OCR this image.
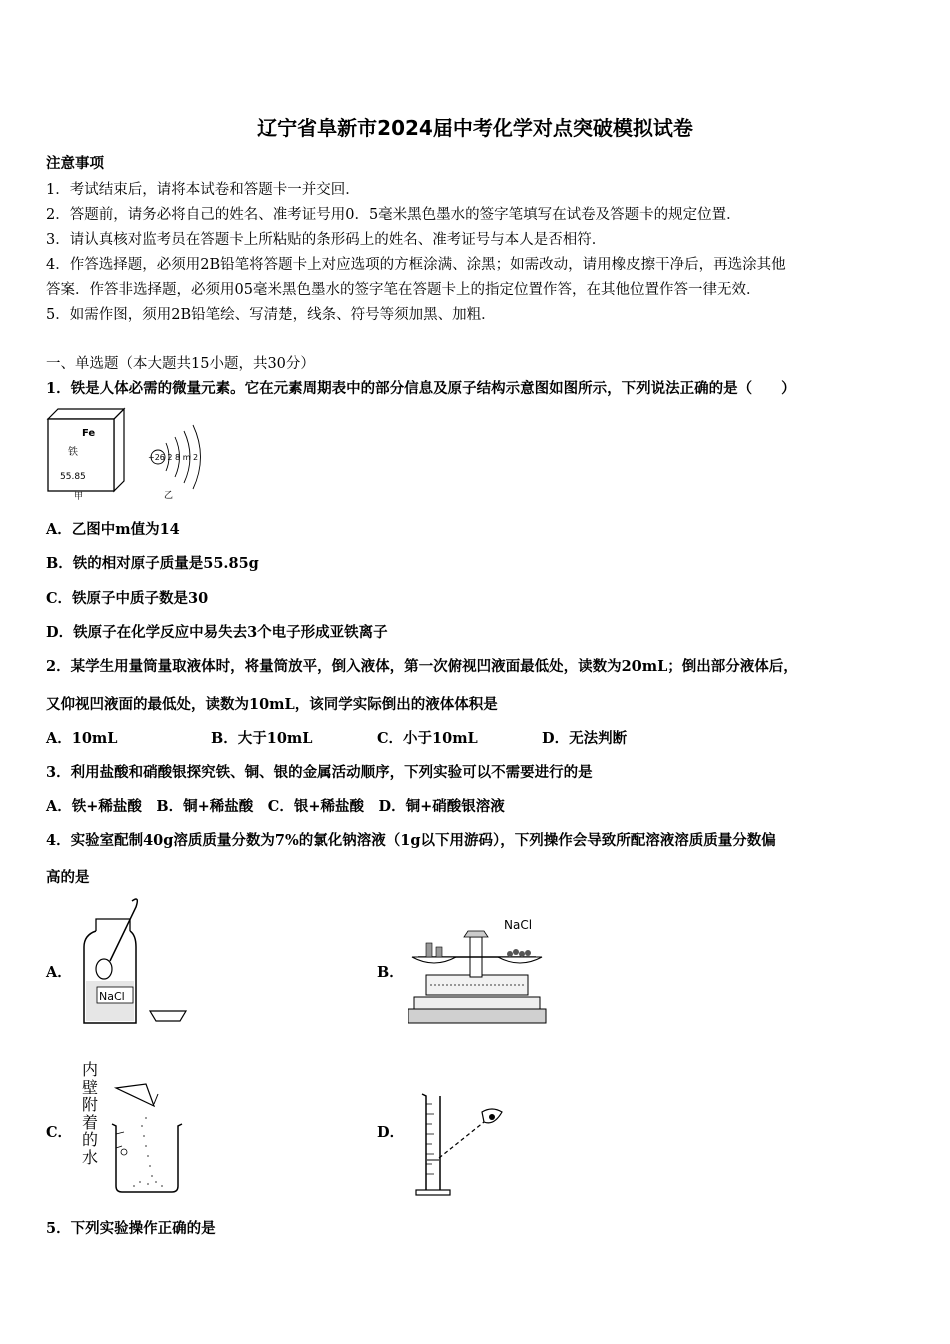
辽宁省阜新市2024届中考化学对点突破模拟试卷
注意事项
1．考试结束后，请将本试卷和答题卡一并交回．
2．答题前，请务必将自己的姓名、准考证号用0．5毫米黑色墨水的签字笔填写在试卷及答题卡的规定位置．
3．请认真核对监考员在答题卡上所粘贴的条形码上的姓名、准考证号与本人是否相符．
4．作答选择题，必须用2B铅笔将答题卡上对应选项的方框涂满、涂黑；如需改动，请用橡皮擦干净后，再选涂其他
答案．作答非选择题，必须用05毫米黑色墨水的签字笔在答题卡上的指定位置作答，在其他位置作答一律无效．
5．如需作图，须用2B铅笔绘、写清楚，线条、符号等须加黑、加粗．
一、单选题（本大题共15小题，共30分）
1．铁是人体必需的微量元素。它在元素周期表中的部分信息及原子结构示意图如图所示，下列说法正确的是（　　）
Fe
铁
55.85
甲
+26 2 8 m 2
乙
A．乙图中m值为14
B．铁的相对原子质量是55.85g
C．铁原子中质子数是30
D．铁原子在化学反应中易失去3个电子形成亚铁离子
2．某学生用量筒量取液体时，将量筒放平，倒入液体，第一次俯视凹液面最低处，读数为20mL；倒出部分液体后，
又仰视凹液面的最低处，读数为10mL，该同学实际倒出的液体体积是
A．10mL	B．大于10mL	C．小于10mL	D．无法判断
3．利用盐酸和硝酸银探究铁、铜、银的金属活动顺序，下列实验可以不需要进行的是
A．铁+稀盐酸　B．铜+稀盐酸　C．银+稀盐酸　D．铜+硝酸银溶液
4．实验室配制40g溶质质量分数为7%的氯化钠溶液（1g以下用游码），下列操作会导致所配溶液溶质质量分数偏
高的是
A．	B．
C．	D．
NaCl
NaCl
内
壁
附
着
的
水
5．下列实验操作正确的是
